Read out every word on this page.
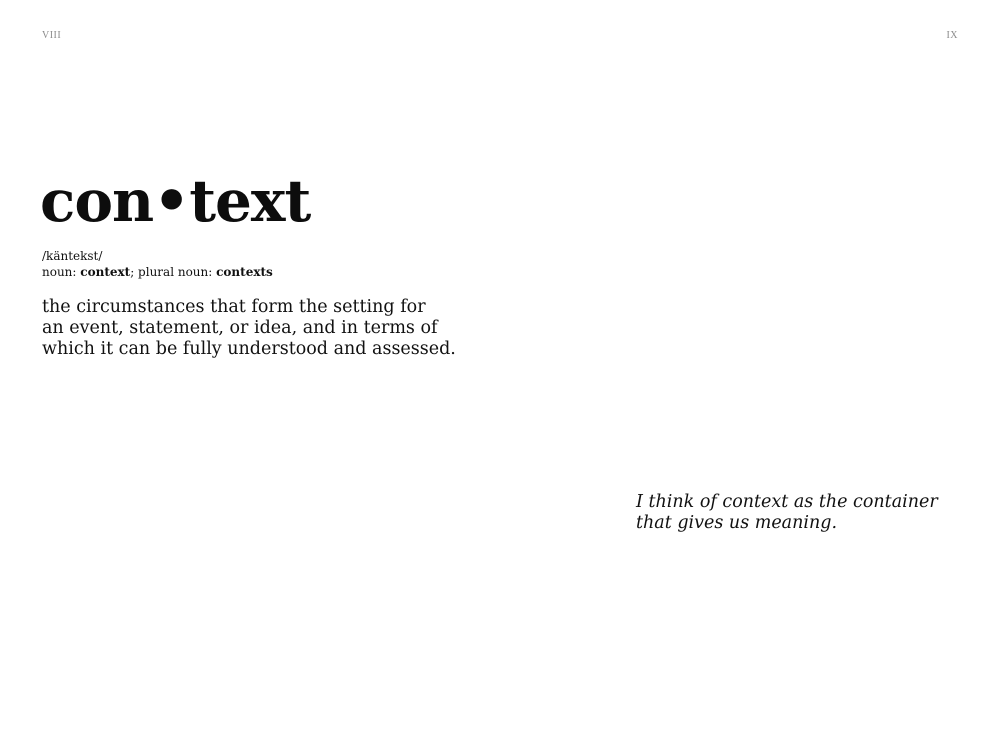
VIII	IX
con•text
/käntekst/
noun: context; plural noun: contexts
the circumstances that form the setting for
an event, statement, or idea, and in terms of
which it can be fully understood and assessed.
I think of context as the container
that gives us meaning.
